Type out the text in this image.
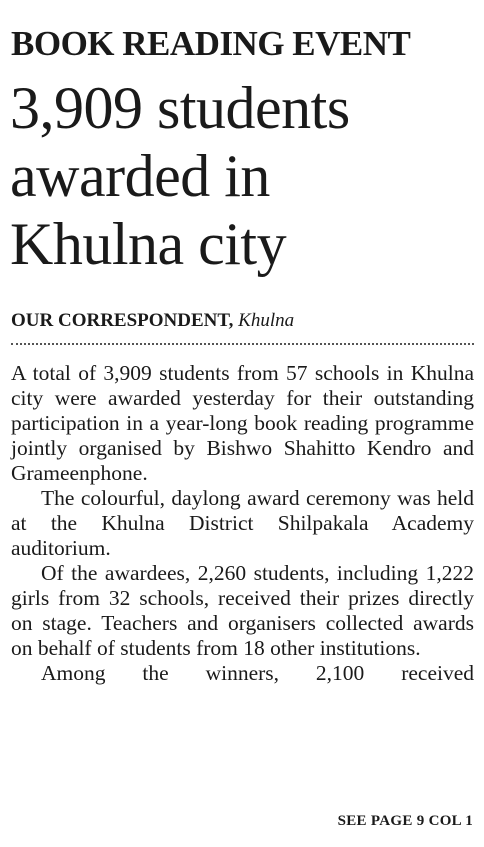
BOOK READING EVENT
3,909 students
awarded in
Khulna city
OUR CORRESPONDENT, Khulna

A total of 3,909 students from 57 schools in Khulna city were awarded yesterday for their outstanding participation in a year-long book reading programme jointly organised by Bishwo Shahitto Kendro and Grameenphone.

The colourful, daylong award ceremony was held at the Khulna District Shilpakala Academy auditorium.

Of the awardees, 2,260 students, including 1,222 girls from 32 schools, received their prizes directly on stage. Teachers and organisers collected awards on behalf of students from 18 other institutions.

Among the winners, 2,100 received

SEE PAGE 9 COL 1
